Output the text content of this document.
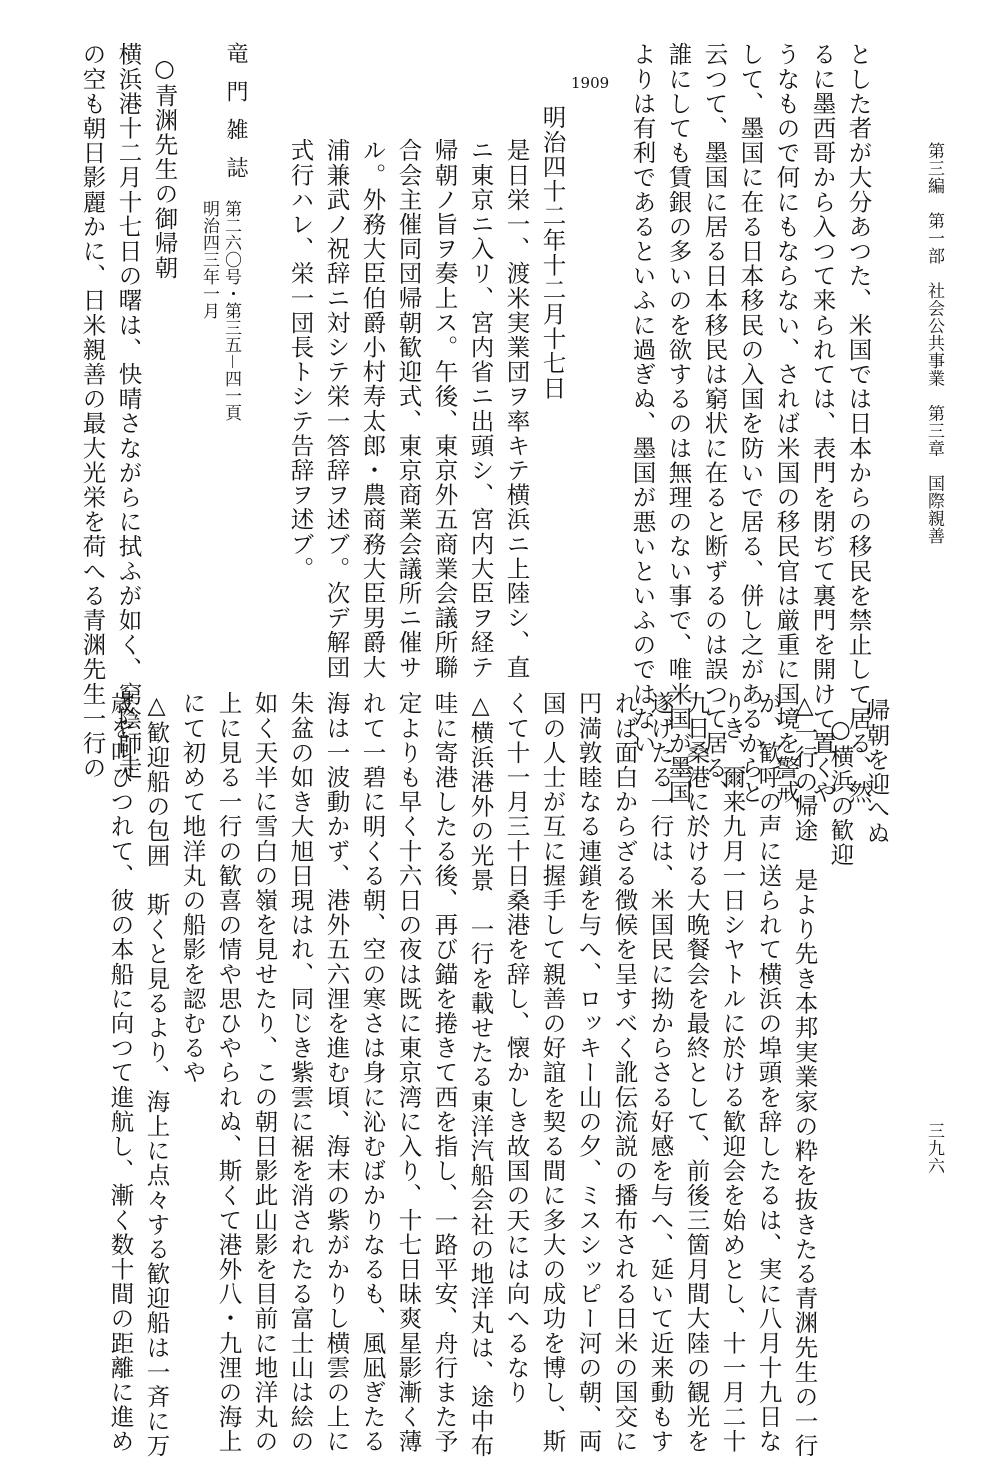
第三編　第一部　社会公共事業　第三章　国際親善
三九六
とした者が大分あつた、米国では日本からの移民を禁止して居る、然
るに墨西哥から入つて来られては、表門を閉ぢて裏門を開けて置くや
うなもので何にもならない、されば米国の移民官は厳重に国境を警戒
して、墨国に在る日本移民の入国を防いで居る、併し之があるからと
云つて、墨国に居る日本移民は窮状に在ると断ずるのは誤つて居る、
誰にしても賃銀の多いのを欲するのは無理のない事で、唯米国が墨国
よりは有利であるといふに過ぎぬ、墨国が悪いといふのではない
1909
明治四十二年十二月十七日
是日栄一、渡米実業団ヲ率キテ横浜ニ上陸シ、直
ニ東京ニ入リ、宮内省ニ出頭シ、宮内大臣ヲ経テ
帰朝ノ旨ヲ奏上ス。午後、東京外五商業会議所聯
合会主催同団帰朝歓迎式、東京商業会議所ニ催サ
ル。外務大臣伯爵小村寿太郎・農商務大臣男爵大
浦兼武ノ祝辞ニ対シテ栄一答辞ヲ述ブ。次デ解団
式行ハレ、栄一団長トシテ告辞ヲ述ブ。
竜門雑誌
第二六〇号・第三五－四一頁
明治四三年一月
○青渊先生の御帰朝
横浜港十二月十七日の曙は、快晴さながらに拭ふが如く、窮陰師走
の空も朝日影麗かに、日米親善の最大光栄を荷へる青渊先生一行の	帰朝を迎へぬ
○横浜の歓迎
△一行の帰途　是より先き本邦実業家の粋を抜きたる青渊先生の一行
が、歓呼の声に送られて横浜の埠頭を辞したるは、実に八月十九日な
りき、爾来九月一日シヤトルに於ける歓迎会を始めとし、十一月二十
九日桑港に於ける大晩餐会を最終として、前後三箇月間大陸の観光を
遂げたる一行は、米国民に拗からさる好感を与へ、延いて近来動もす
れば面白からざる徴候を呈すべく訛伝流説の播布される日米の国交に
円満敦睦なる連鎖を与へ、ロッキー山の夕、ミスシッピー河の朝、両
国の人士が互に握手して親善の好誼を契る間に多大の成功を博し、斯
くて十一月三十日桑港を辞し、懐かしき故国の天には向へるなり
△横浜港外の光景　一行を載せたる東洋汽船会社の地洋丸は、途中布
哇に寄港したる後、再び錨を捲きて西を指し、一路平安、舟行また予
定よりも早く十六日の夜は既に東京湾に入り、十七日昧爽星影漸く薄
れて一碧に明くる朝、空の寒さは身に沁むばかりなるも、風凪ぎたる
海は一波動かず、港外五六浬を進む頃、海末の紫がかりし横雲の上に
朱盆の如き大旭日現はれ、同じき紫雲に裾を消されたる富士山は絵の
如く天半に雪白の嶺を見せたり、この朝日影此山影を目前に地洋丸の
上に見る一行の歓喜の情や思ひやられぬ、斯くて港外八・九浬の海上
にて初めて地洋丸の船影を認むるや
△歓迎船の包囲　斯くと見るより、海上に点々する歓迎船は一斉に万
歳を叫びつれて、彼の本船に向つて進航し、漸く数十間の距離に進め
